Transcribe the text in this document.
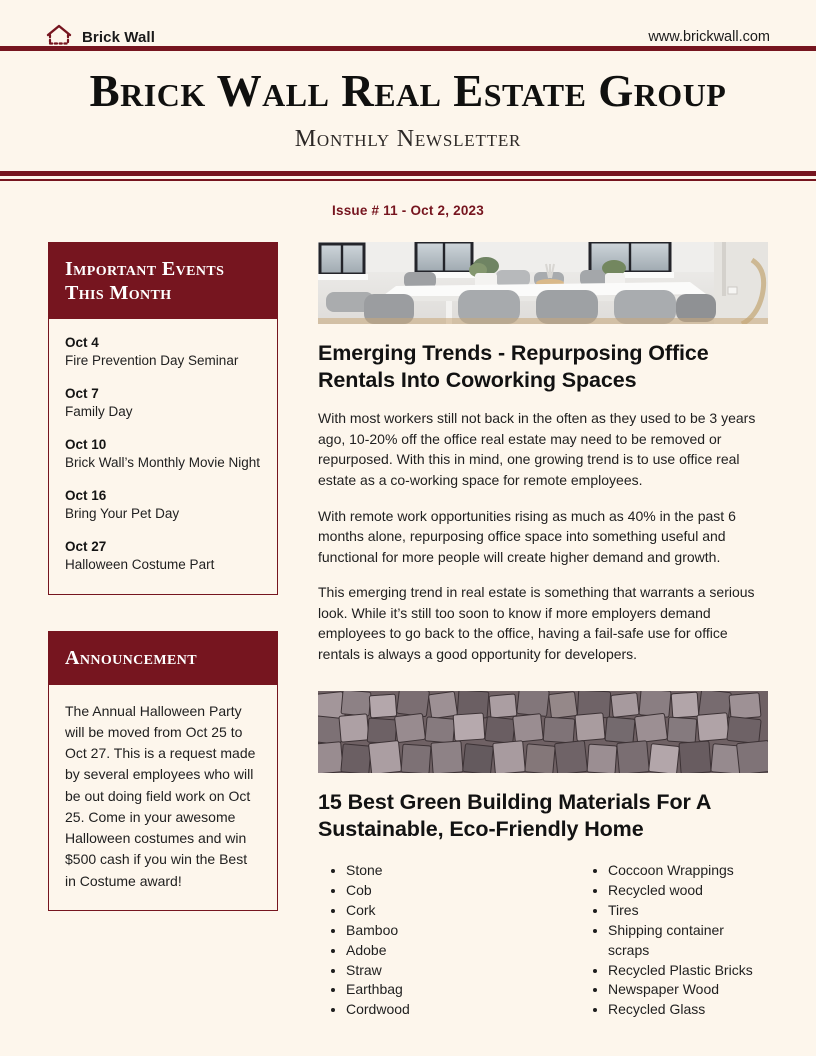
Brick Wall	www.brickwall.com
Brick Wall Real Estate Group
Monthly Newsletter
Issue # 11 - Oct 2, 2023
Important Events This Month
Oct 4
Fire Prevention Day Seminar
Oct 7
Family Day
Oct 10
Brick Wall’s Monthly Movie Night
Oct 16
Bring Your Pet Day
Oct 27
Halloween Costume Part
Announcement
The Annual Halloween Party will be moved from Oct 25 to Oct 27. This is a request made by several employees who will be out doing field work on Oct 25. Come in your awesome Halloween costumes and win $500 cash if you win the Best in Costume award!
Emerging Trends - Repurposing Office Rentals Into Coworking Spaces

With most workers still not back in the often as they used to be 3 years ago, 10-20% off the office real estate may need to be removed or repurposed. With this in mind, one growing trend is to use office real estate as a co-working space for remote employees.

With remote work opportunities rising as much as 40% in the past 6 months alone, repurposing office space into something useful and functional for more people will create higher demand and growth.

This emerging trend in real estate is something that warrants a serious look. While it’s still too soon to know if more employers demand employees to go back to the office, having a fail-safe use for office rentals is always a good opportunity for developers.

15 Best Green Building Materials For A Sustainable, Eco-Friendly Home
• Stone
• Cob
• Cork
• Bamboo
• Adobe
• Straw
• Earthbag
• Cordwood
• Coccoon Wrappings
• Recycled wood
• Tires
• Shipping container scraps
• Recycled Plastic Bricks
• Newspaper Wood
• Recycled Glass
